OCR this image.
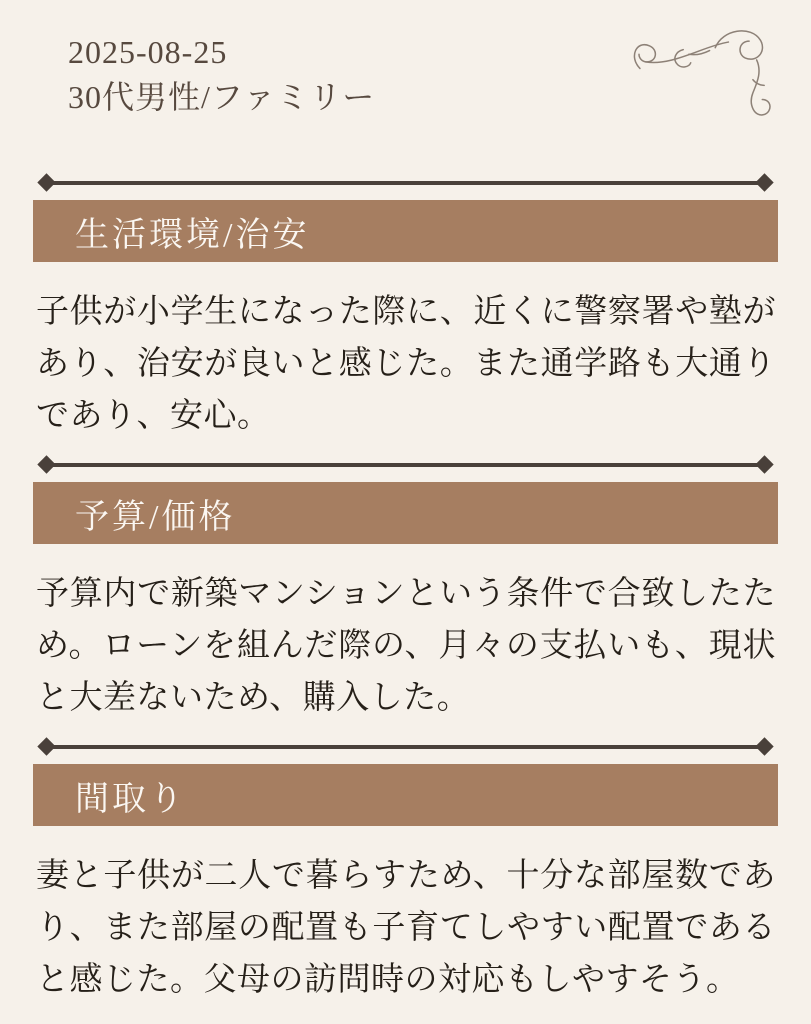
2025-08-25
30代男性/ファミリー
生活環境/治安

子供が小学生になった際に、近くに警察署や塾があり、治安が良いと感じた。また通学路も大通りであり、安心。

予算/価格

予算内で新築マンションという条件で合致したため。ローンを組んだ際の、月々の支払いも、現状と大差ないため、購入した。

間取り

妻と子供が二人で暮らすため、十分な部屋数であり、また部屋の配置も子育てしやすい配置であると感じた。父母の訪問時の対応もしやすそう。
